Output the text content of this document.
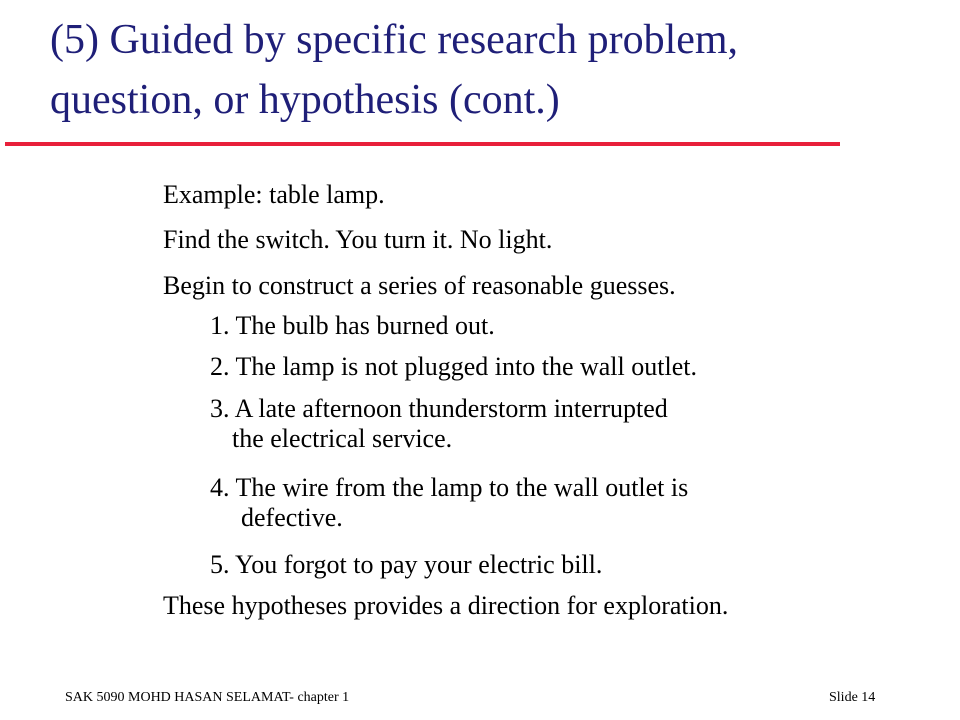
(5) Guided by specific research problem,
question, or hypothesis (cont.)
Example: table lamp.
Find the switch. You turn it. No light.
Begin to construct a series of reasonable guesses.
1. The bulb has burned out.
2. The lamp is not plugged into the wall outlet.
3. A late afternoon thunderstorm interrupted
the electrical service.
4. The wire from the lamp to the wall outlet is
defective.
5. You forgot to pay your electric bill.
These hypotheses provides a direction for exploration.
SAK 5090 MOHD HASAN SELAMAT- chapter 1	Slide 14
